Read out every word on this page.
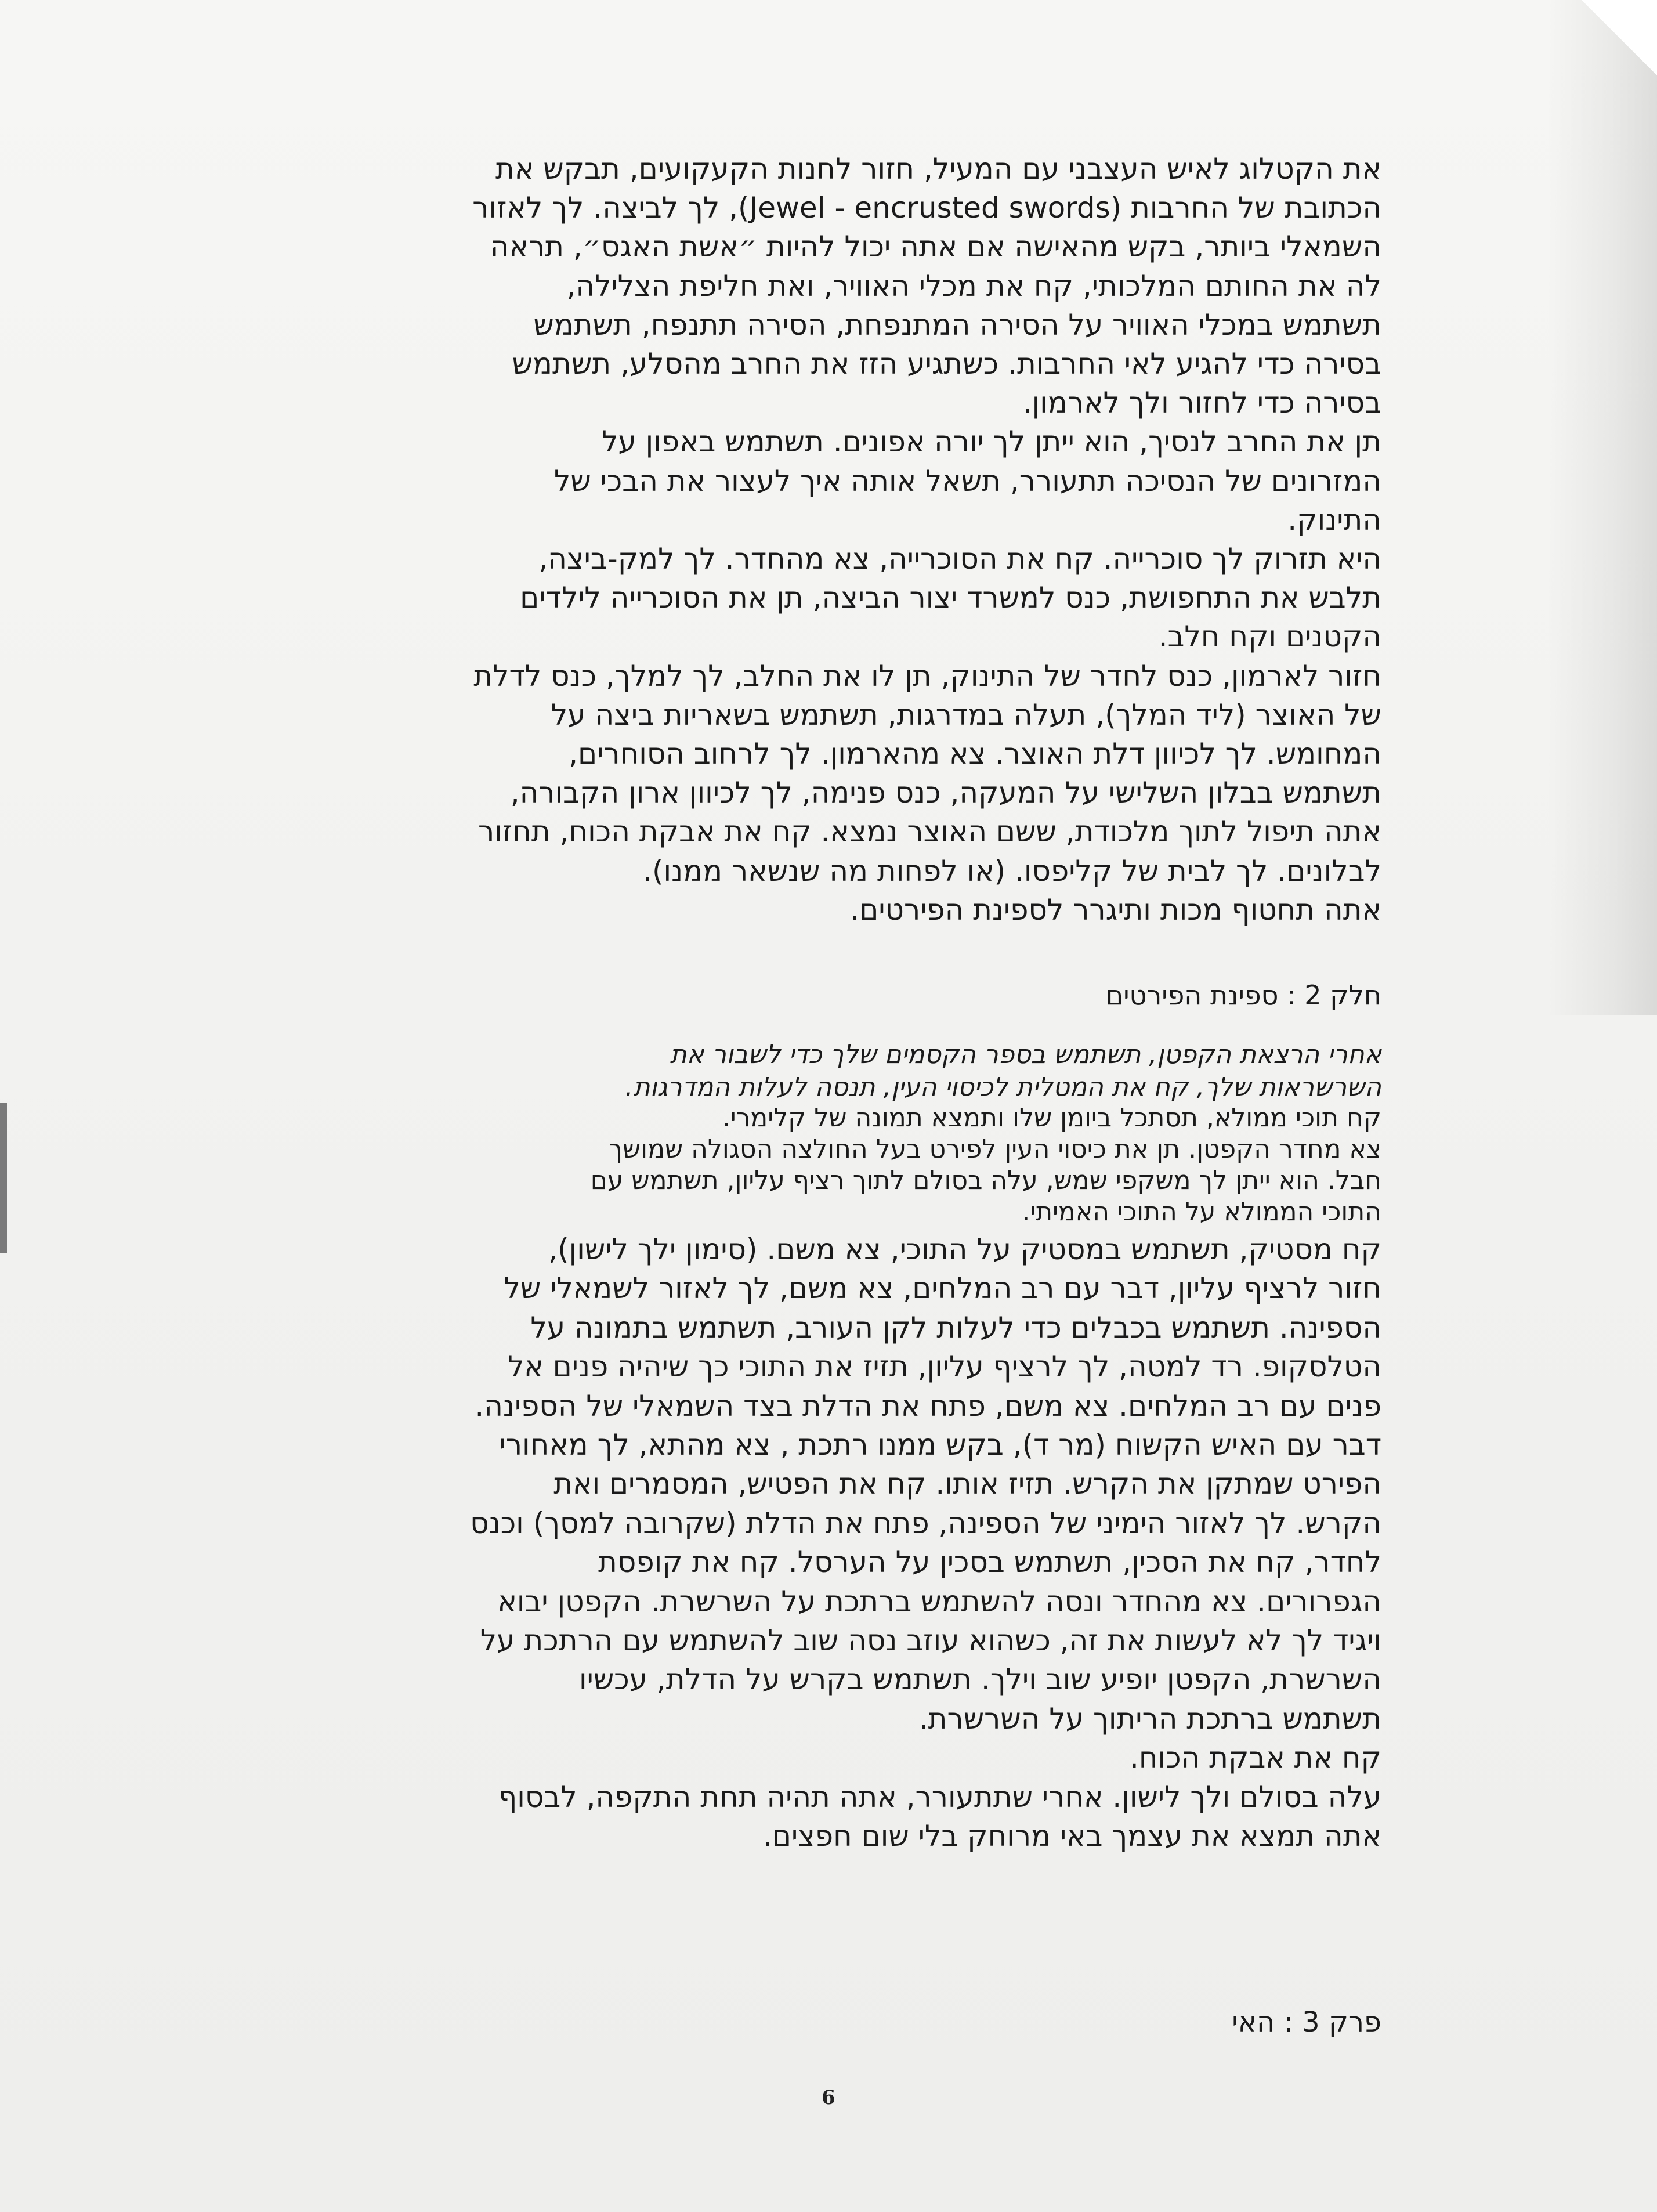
את הקטלוג לאיש העצבני עם המעיל, חזור לחנות הקעקועים, תבקש את
הכתובת של החרבות (Jewel - encrusted swords), לך לביצה. לך לאזור
השמאלי ביותר, בקש מהאישה אם אתה יכול להיות ״אשת האגס״, תראה
לה את החותם המלכותי, קח את מכלי האוויר, ואת חליפת הצלילה,
תשתמש במכלי האוויר על הסירה המתנפחת, הסירה תתנפח, תשתמש
בסירה כדי להגיע לאי החרבות. כשתגיע הזז את החרב מהסלע, תשתמש
בסירה כדי לחזור ולך לארמון.
תן את החרב לנסיך, הוא ייתן לך יורה אפונים. תשתמש באפון על
המזרונים של הנסיכה תתעורר, תשאל אותה איך לעצור את הבכי של
התינוק.
היא תזרוק לך סוכרייה. קח את הסוכרייה, צא מהחדר. לך למק-ביצה,
תלבש את התחפושת, כנס למשרד יצור הביצה, תן את הסוכרייה לילדים
הקטנים וקח חלב.
חזור לארמון, כנס לחדר של התינוק, תן לו את החלב, לך למלך, כנס לדלת
של האוצר (ליד המלך), תעלה במדרגות, תשתמש בשאריות ביצה על
המחומש. לך לכיוון דלת האוצר. צא מהארמון. לך לרחוב הסוחרים,
תשתמש בבלון השלישי על המעקה, כנס פנימה, לך לכיוון ארון הקבורה,
אתה תיפול לתוך מלכודת, ששם האוצר נמצא. קח את אבקת הכוח, תחזור
לבלונים. לך לבית של קליפסו. (או לפחות מה שנשאר ממנו).
אתה תחטוף מכות ותיגרר לספינת הפירטים.
חלק 2 : ספינת הפירטים
אחרי הרצאת הקפטן, תשתמש בספר הקסמים שלך כדי לשבור את
השרשראות שלך, קח את המטלית לכיסוי העין, תנסה לעלות המדרגות.
קח תוכי ממולא, תסתכל ביומן שלו ותמצא תמונה של קלימרי.
צא מחדר הקפטן. תן את כיסוי העין לפירט בעל החולצה הסגולה שמושך
חבל. הוא ייתן לך משקפי שמש, עלה בסולם לתוך רציף עליון, תשתמש עם
התוכי הממולא על התוכי האמיתי.
קח מסטיק, תשתמש במסטיק על התוכי, צא משם. (סימון ילך לישון),
חזור לרציף עליון, דבר עם רב המלחים, צא משם, לך לאזור לשמאלי של
הספינה. תשתמש בכבלים כדי לעלות לקן העורב, תשתמש בתמונה על
הטלסקופ. רד למטה, לך לרציף עליון, תזיז את התוכי כך שיהיה פנים אל
פנים עם רב המלחים. צא משם, פתח את הדלת בצד השמאלי של הספינה.
דבר עם האיש הקשוח (מר ד), בקש ממנו רתכת , צא מהתא, לך מאחורי
הפירט שמתקן את הקרש. תזיז אותו. קח את הפטיש, המסמרים ואת
הקרש. לך לאזור הימיני של הספינה, פתח את הדלת (שקרובה למסך) וכנס
לחדר, קח את הסכין, תשתמש בסכין על הערסל. קח את קופסת
הגפרורים. צא מהחדר ונסה להשתמש ברתכת על השרשרת. הקפטן יבוא
ויגיד לך לא לעשות את זה, כשהוא עוזב נסה שוב להשתמש עם הרתכת על
השרשרת, הקפטן יופיע שוב וילך. תשתמש בקרש על הדלת, עכשיו
תשתמש ברתכת הריתוך על השרשרת.
קח את אבקת הכוח.
עלה בסולם ולך לישון. אחרי שתתעורר, אתה תהיה תחת התקפה, לבסוף
אתה תמצא את עצמך באי מרוחק בלי שום חפצים.
פרק 3 : האי
6
